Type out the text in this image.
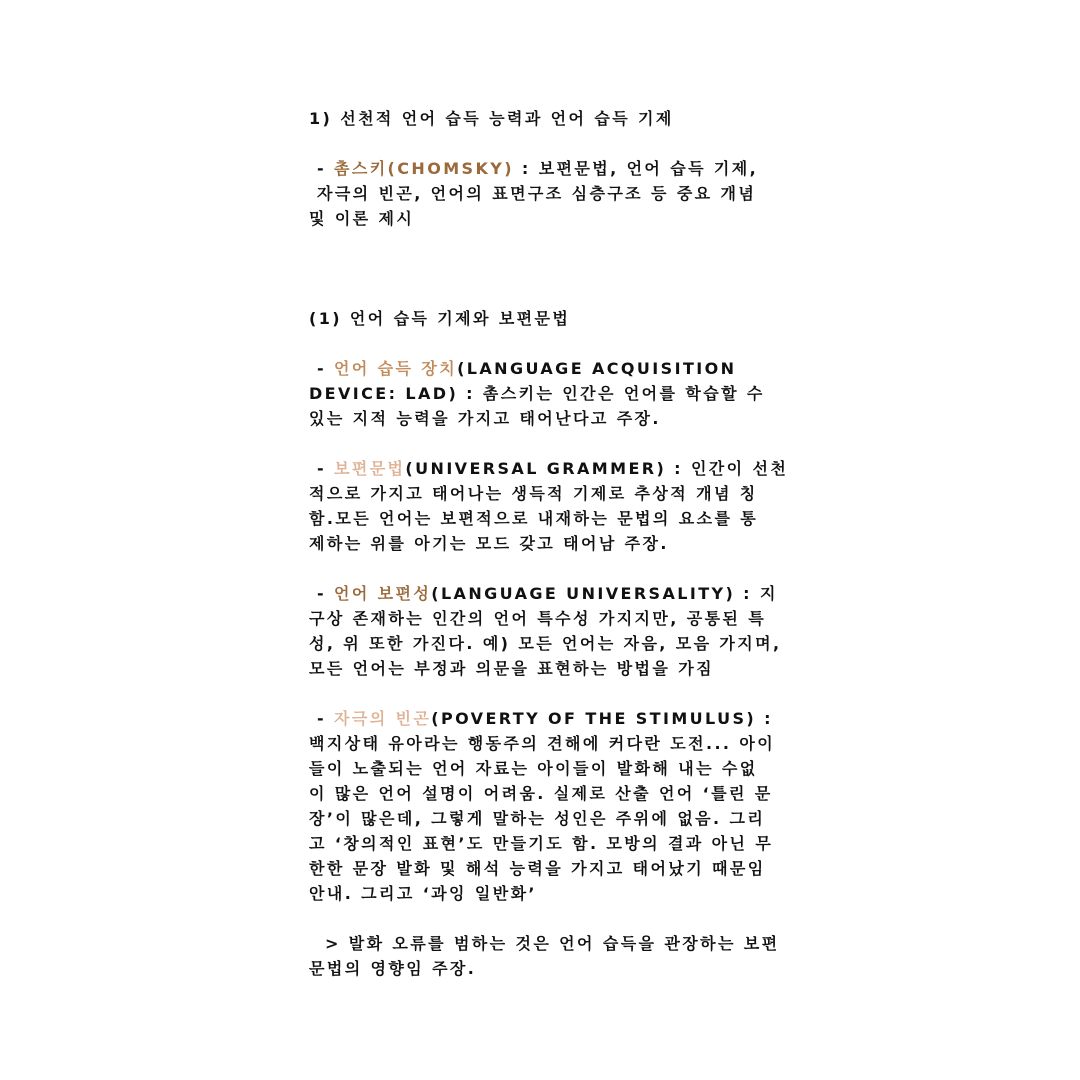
1) 선천적 언어 습득 능력과 언어 습득 기제

- 촘스키(CHOMSKY) : 보편문법, 언어 습득 기제,

자극의 빈곤, 언어의 표면구조 심층구조 등 중요 개념

및 이론 제시

(1) 언어 습득 기제와 보편문법

- 언어 습득 장치(LANGUAGE ACQUISITION

DEVICE: LAD) : 촘스키는 인간은 언어를 학습할 수

있는 지적 능력을 가지고 태어난다고 주장.

- 보편문법(UNIVERSAL GRAMMER) : 인간이 선천

적으로 가지고 태어나는 생득적 기제로 추상적 개념 칭

함.모든 언어는 보편적으로 내재하는 문법의 요소를 통

제하는 위를 아기는 모드 갖고 태어남 주장.

- 언어 보편성(LANGUAGE UNIVERSALITY) : 지

구상 존재하는 인간의 언어 특수성 가지지만, 공통된 특

성, 위 또한 가진다. 예) 모든 언어는 자음, 모음 가지며,

모든 언어는 부정과 의문을 표현하는 방법을 가짐

- 자극의 빈곤(POVERTY OF THE STIMULUS) :

백지상태 유아라는 행동주의 견해에 커다란 도전... 아이

들이 노출되는 언어 자료는 아이들이 발화해 내는 수없

이 많은 언어 설명이 어려움. 실제로 산출 언어 ‘틀린 문

장’이 많은데, 그렇게 말하는 성인은 주위에 없음. 그리

고 ‘창의적인 표현’도 만들기도 함. 모방의 결과 아닌 무

한한 문장 발화 및 해석 능력을 가지고 태어났기 때문임

안내. 그리고 ‘과잉 일반화’

> 발화 오류를 범하는 것은 언어 습득을 관장하는 보편

문법의 영향임 주장.
